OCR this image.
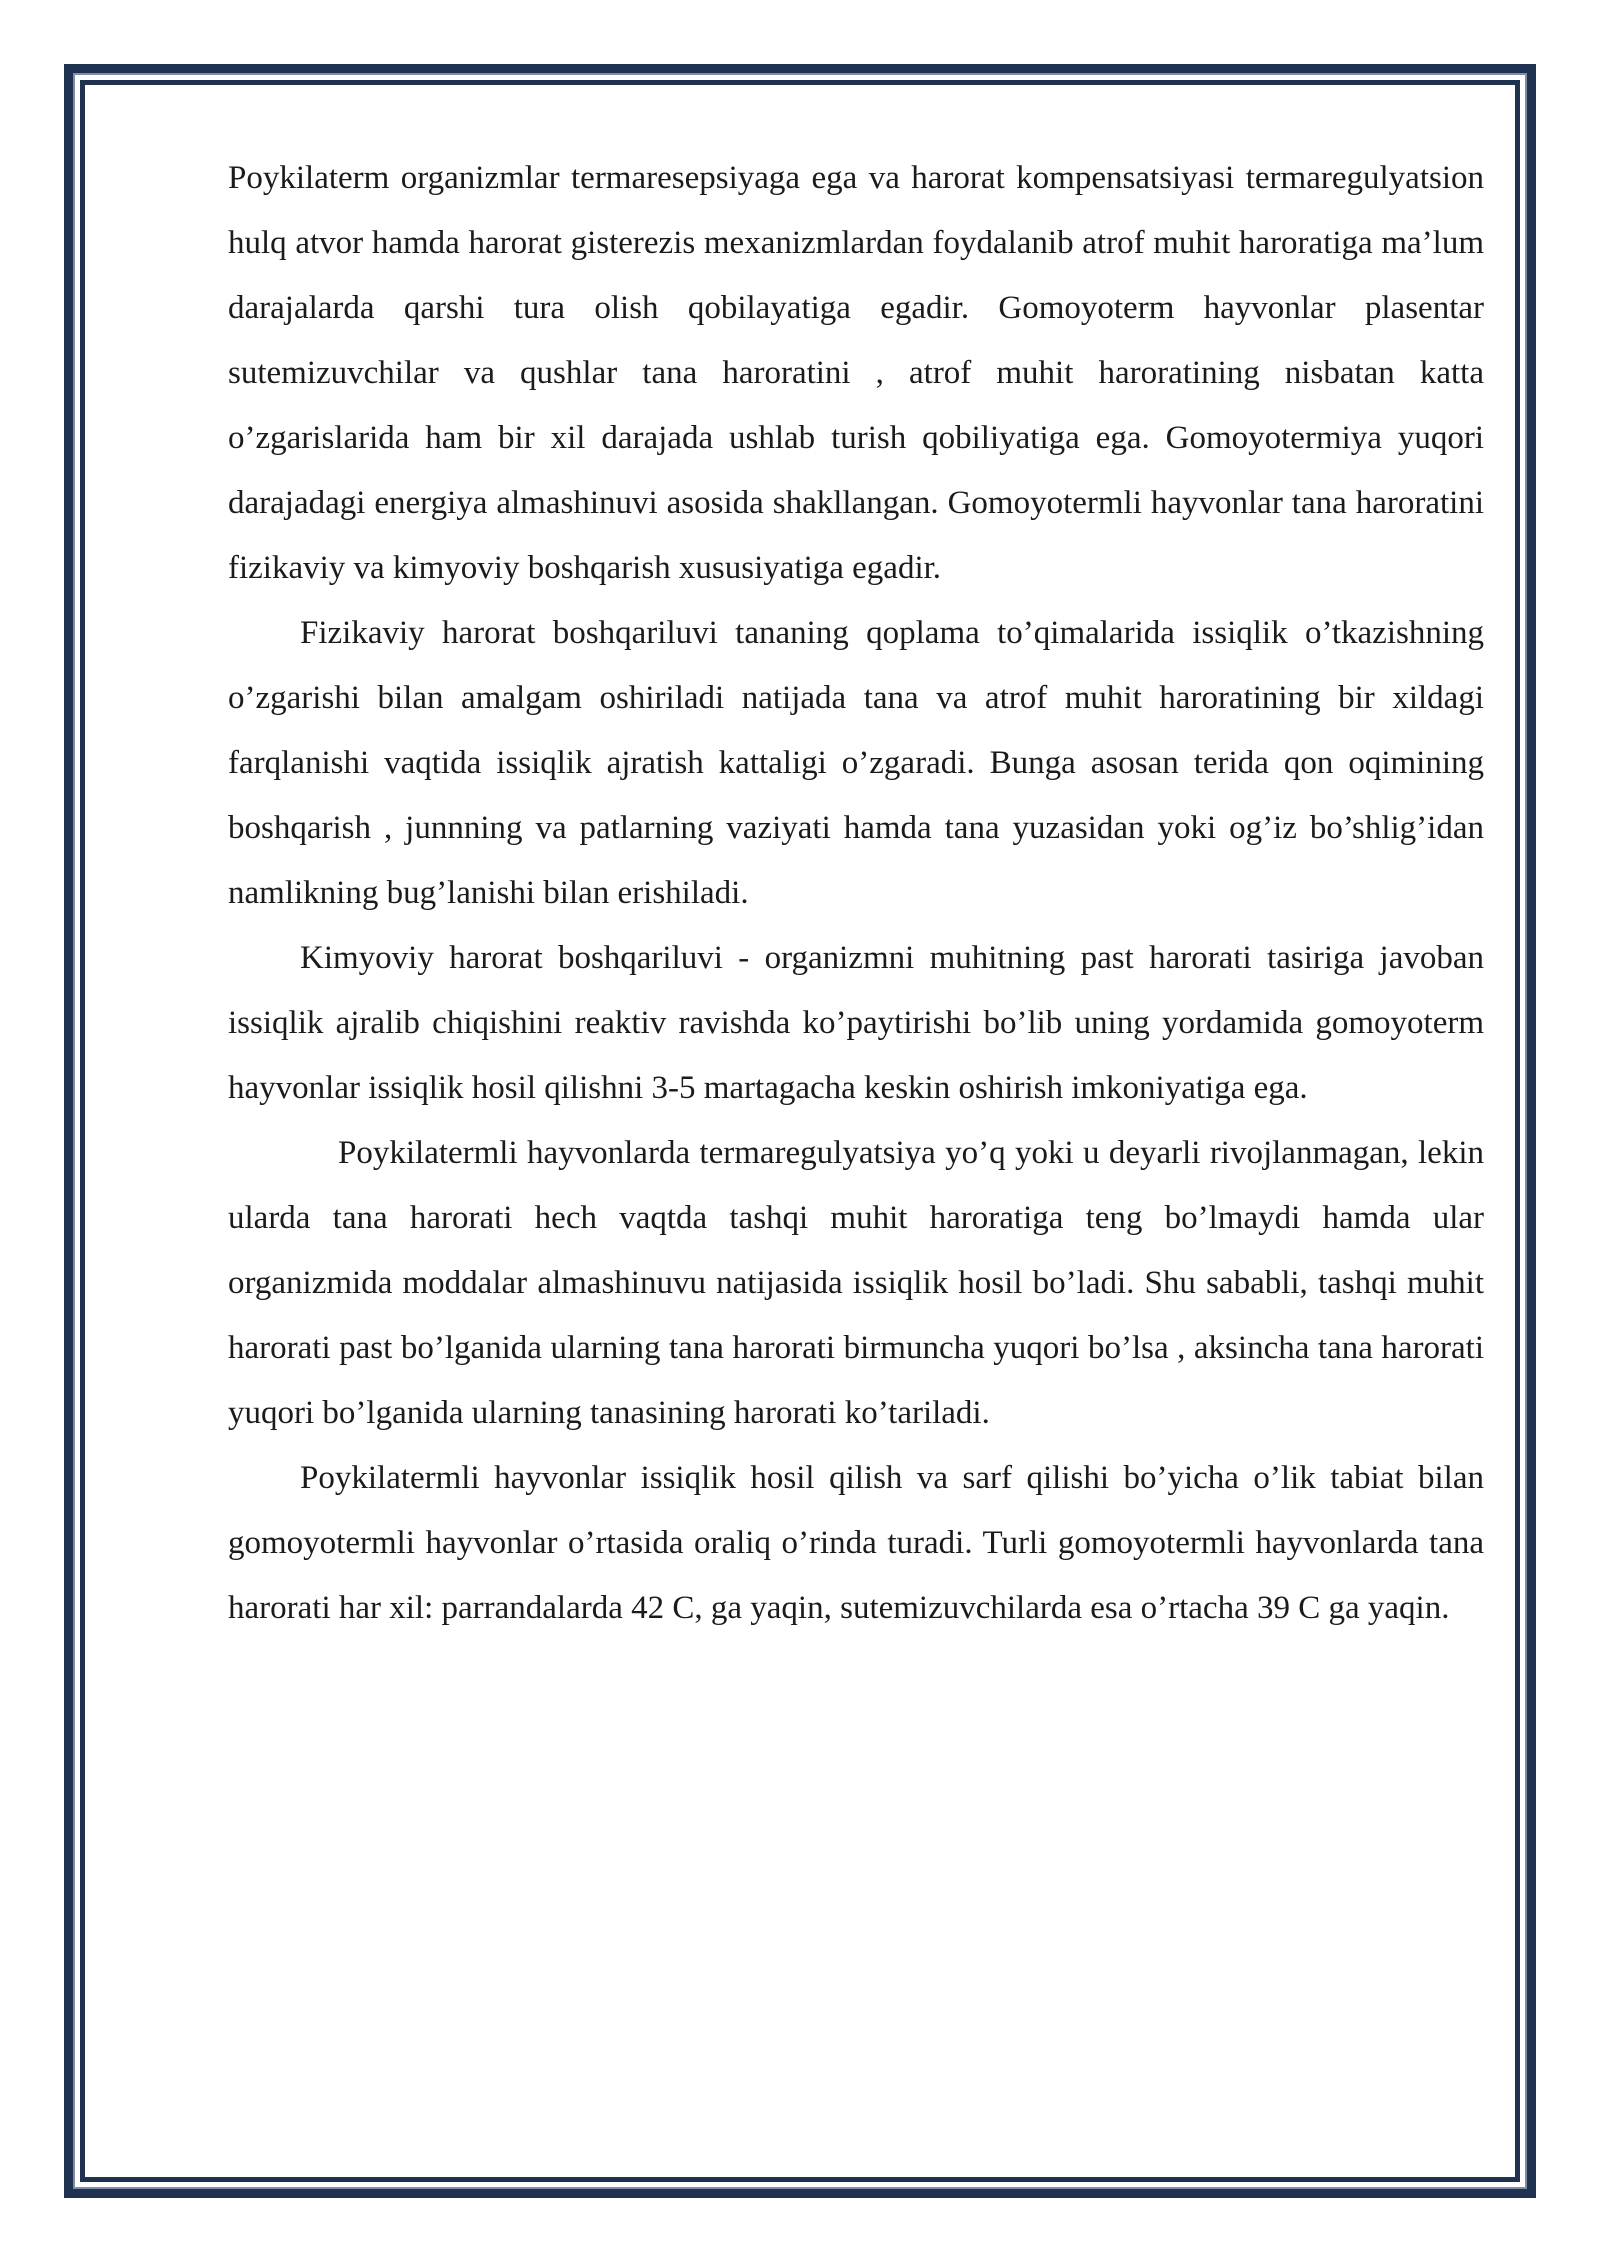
Poykilaterm organizmlar termaresepsiyaga ega va harorat kompensatsiyasi termaregulyatsion hulq atvor hamda harorat gisterezis mexanizmlardan foydalanib atrof muhit haroratiga ma’lum darajalarda qarshi tura olish qobilayatiga egadir. Gomoyoterm hayvonlar plasentar sutemizuvchilar va qushlar tana haroratini , atrof muhit haroratining nisbatan katta o’zgarislarida ham bir xil darajada ushlab turish qobiliyatiga ega. Gomoyotermiya yuqori darajadagi energiya almashinuvi asosida shakllangan. Gomoyotermli hayvonlar tana haroratini fizikaviy va kimyoviy boshqarish xususiyatiga egadir.

Fizikaviy harorat boshqariluvi tananing qoplama to’qimalarida issiqlik o’tkazishning o’zgarishi bilan amalgam oshiriladi natijada tana va atrof muhit haroratining bir xildagi farqlanishi vaqtida issiqlik ajratish kattaligi o’zgaradi. Bunga asosan terida qon oqimining boshqarish , junnning va patlarning vaziyati hamda tana yuzasidan yoki og’iz bo’shlig’idan namlikning bug’lanishi bilan erishiladi.

Kimyoviy harorat boshqariluvi - organizmni muhitning past harorati tasiriga javoban issiqlik ajralib chiqishini reaktiv ravishda ko’paytirishi bo’lib uning yordamida gomoyoterm hayvonlar issiqlik hosil qilishni 3-5 martagacha keskin oshirish imkoniyatiga ega.

Poykilatermli hayvonlarda termaregulyatsiya yo’q yoki u deyarli rivojlanmagan, lekin ularda tana harorati hech vaqtda tashqi muhit haroratiga teng bo’lmaydi hamda ular organizmida moddalar almashinuvu natijasida issiqlik hosil bo’ladi. Shu sababli, tashqi muhit harorati past bo’lganida ularning tana harorati birmuncha yuqori bo’lsa , aksincha tana harorati yuqori bo’lganida ularning tanasining harorati ko’tariladi.

Poykilatermli hayvonlar issiqlik hosil qilish va sarf qilishi bo’yicha o’lik tabiat bilan gomoyotermli hayvonlar o’rtasida oraliq o’rinda turadi. Turli gomoyotermli hayvonlarda tana harorati har xil: parrandalarda 42 C, ga yaqin, sutemizuvchilarda esa o’rtacha 39 C ga yaqin.
